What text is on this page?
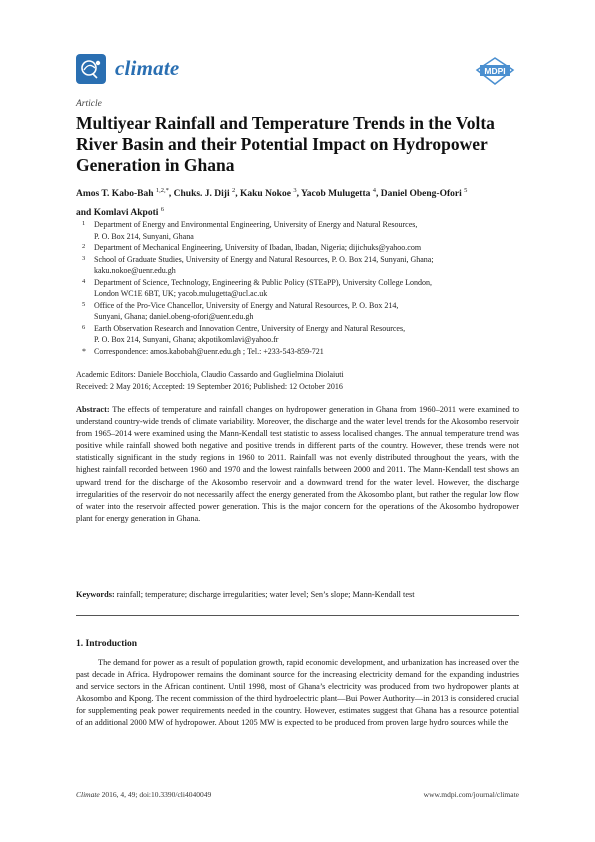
climate	MDPI
Article
Multiyear Rainfall and Temperature Trends in the Volta River Basin and their Potential Impact on Hydropower Generation in Ghana
Amos T. Kabo-Bah $^{1,2,*}$, Chuks. J. Diji $^2$, Kaku Nokoe $^3$, Yacob Mulugetta $^4$, Daniel Obeng-Ofori $^5$
and Komlavi Akpoti $^6$
1 Department of Energy and Environmental Engineering, University of Energy and Natural Resources,
P. O. Box 214, Sunyani, Ghana
2 Department of Mechanical Engineering, University of Ibadan, Ibadan, Nigeria; dijichuks@yahoo.com
3 School of Graduate Studies, University of Energy and Natural Resources, P. O. Box 214, Sunyani, Ghana;
kaku.nokoe@uenr.edu.gh
4 Department of Science, Technology, Engineering & Public Policy (STEaPP), University College London,
London WC1E 6BT, UK; yacob.mulugetta@ucl.ac.uk
5 Office of the Pro-Vice Chancellor, University of Energy and Natural Resources, P. O. Box 214,
Sunyani, Ghana; daniel.obeng-ofori@uenr.edu.gh
6 Earth Observation Research and Innovation Centre, University of Energy and Natural Resources,
P. O. Box 214, Sunyani, Ghana; akpotikomlavi@yahoo.fr
* Correspondence: amos.kabobah@uenr.edu.gh ; Tel.: +233-543-859-721
Academic Editors: Daniele Bocchiola, Claudio Cassardo and Guglielmina Diolaiuti
Received: 2 May 2016; Accepted: 19 September 2016; Published: 12 October 2016
Abstract: The effects of temperature and rainfall changes on hydropower generation in Ghana from 1960–2011 were examined to understand country-wide trends of climate variability. Moreover, the discharge and the water level trends for the Akosombo reservoir from 1965–2014 were examined using the Mann-Kendall test statistic to assess localised changes. The annual temperature trend was positive while rainfall showed both negative and positive trends in different parts of the country. However, these trends were not statistically significant in the study regions in 1960 to 2011. Rainfall was not evenly distributed throughout the years, with the highest rainfall recorded between 1960 and 1970 and the lowest rainfalls between 2000 and 2011. The Mann-Kendall test shows an upward trend for the discharge of the Akosombo reservoir and a downward trend for the water level. However, the discharge irregularities of the reservoir do not necessarily affect the energy generated from the Akosombo plant, but rather the regular low flow of water into the reservoir affected power generation. This is the major concern for the operations of the Akosombo hydropower plant for energy generation in Ghana.
Keywords: rainfall; temperature; discharge irregularities; water level; Sen’s slope; Mann-Kendall test
1. Introduction
The demand for power as a result of population growth, rapid economic development, and urbanization has increased over the past decade in Africa. Hydropower remains the dominant source for the increasing electricity demand for the expanding industries and service sectors in the African continent. Until 1998, most of Ghana’s electricity was produced from two hydropower plants at Akosombo and Kpong. The recent commission of the third hydroelectric plant—Bui Power Authority—in 2013 is considered crucial for supplementing peak power requirements needed in the country. However, estimates suggest that Ghana has a resource potential of an additional 2000 MW of hydropower. About 1205 MW is expected to be produced from proven large hydro sources while the
Climate 2016, 4, 49; doi:10.3390/cli4040049	www.mdpi.com/journal/climate
